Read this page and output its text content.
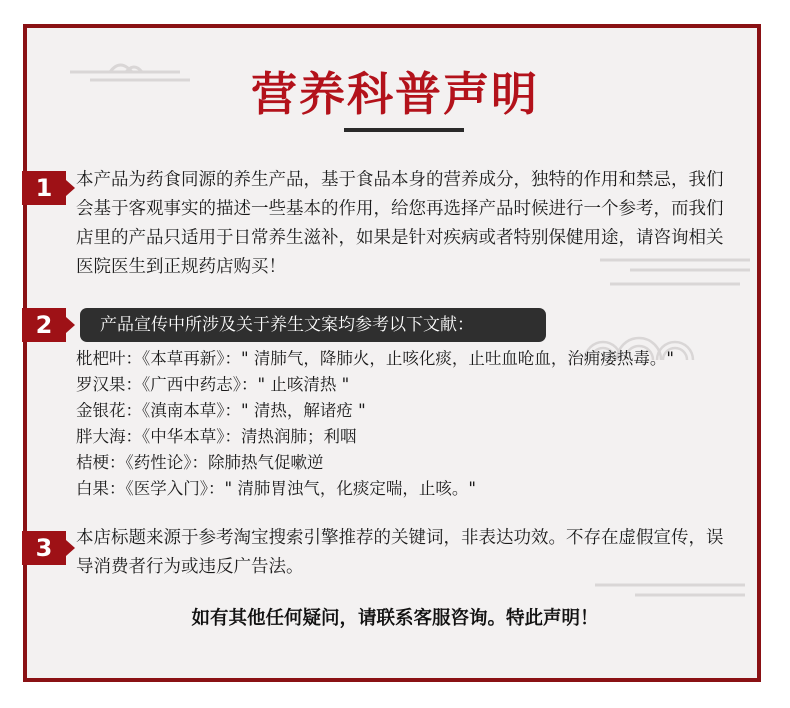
营养科普声明
1	本产品为药食同源的养生产品，基于食品本身的营养成分，独特的作用和禁忌，我们会基于客观事实的描述一些基本的作用，给您再选择产品时候进行一个参考，而我们店里的产品只适用于日常养生滋补，如果是针对疾病或者特别保健用途，请咨询相关医院医生到正规药店购买！
2	产品宣传中所涉及关于养生文案均参考以下文献：
枇杷叶：《本草再新》：" 清肺气，降肺火，止咳化痰，止吐血呛血，治痈痿热毒。"
罗汉果：《广西中药志》：" 止咳清热 "
金银花：《滇南本草》：" 清热，解诸疮 "
胖大海：《中华本草》：清热润肺；利咽
桔梗：《药性论》：除肺热气促嗽逆
白果：《医学入门》：" 清肺胃浊气，化痰定喘，止咳。"
3	本店标题来源于参考淘宝搜索引擎推荐的关键词，非表达功效。不存在虚假宣传，误导消费者行为或违反广告法。
如有其他任何疑问，请联系客服咨询。特此声明！
